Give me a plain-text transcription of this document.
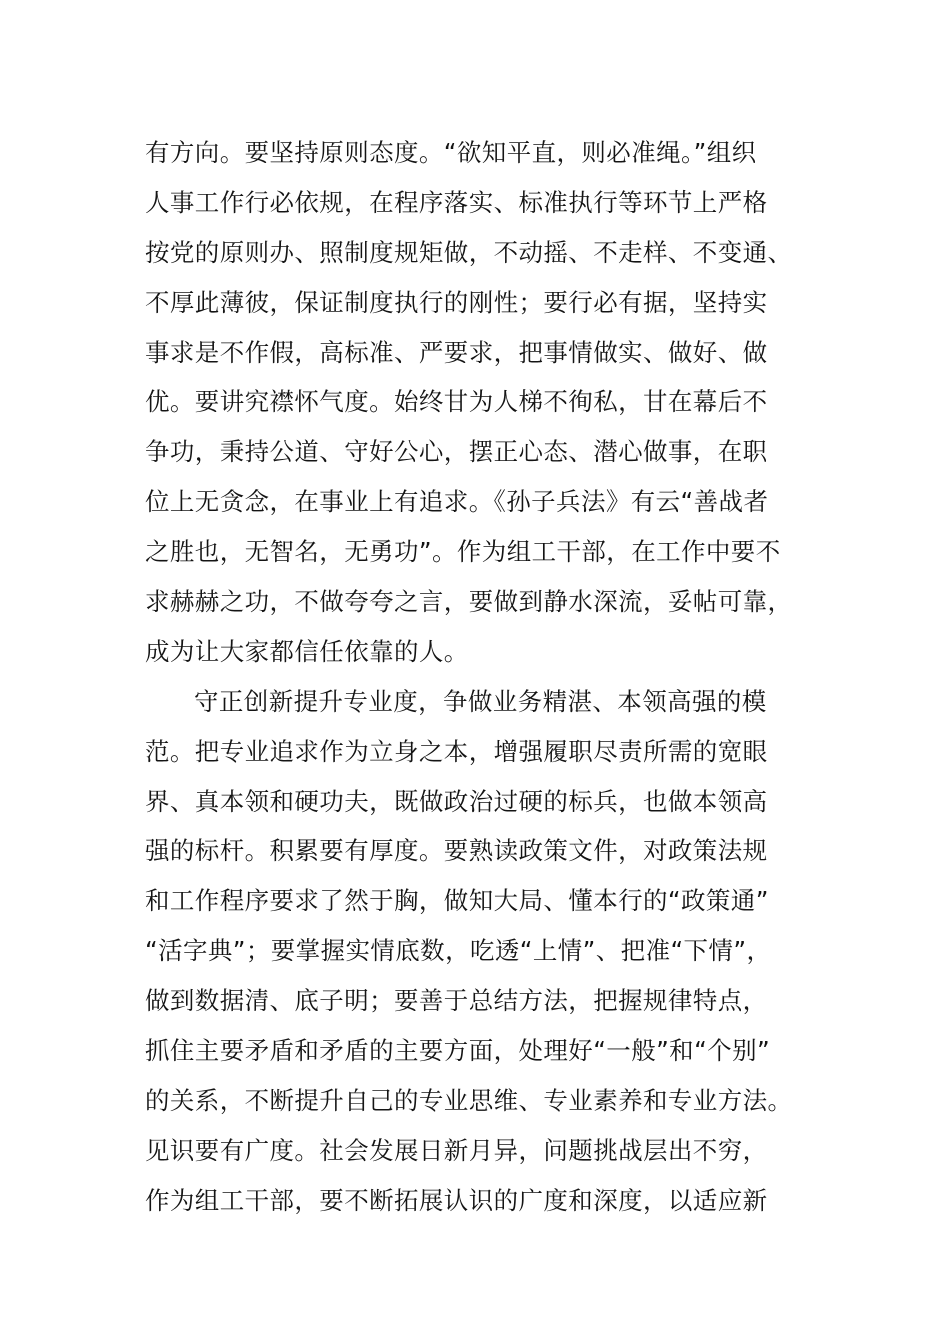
有方向。要坚持原则态度。“欲知平直，则必准绳。”组织
人事工作行必依规，在程序落实、标准执行等环节上严格
按党的原则办、照制度规矩做，不动摇、不走样、不变通、
不厚此薄彼，保证制度执行的刚性；要行必有据，坚持实
事求是不作假，高标准、严要求，把事情做实、做好、做
优。要讲究襟怀气度。始终甘为人梯不徇私，甘在幕后不
争功，秉持公道、守好公心，摆正心态、潜心做事，在职
位上无贪念，在事业上有追求。《孙子兵法》有云“善战者
之胜也，无智名，无勇功”。作为组工干部，在工作中要不
求赫赫之功，不做夸夸之言，要做到静水深流，妥帖可靠，
成为让大家都信任依靠的人。
守正创新提升专业度，争做业务精湛、本领高强的模
范。把专业追求作为立身之本，增强履职尽责所需的宽眼
界、真本领和硬功夫，既做政治过硬的标兵，也做本领高
强的标杆。积累要有厚度。要熟读政策文件，对政策法规
和工作程序要求了然于胸，做知大局、懂本行的“政策通”
“活字典”；要掌握实情底数，吃透“上情”、把准“下情”，
做到数据清、底子明；要善于总结方法，把握规律特点，
抓住主要矛盾和矛盾的主要方面，处理好“一般”和“个别”
的关系，不断提升自己的专业思维、专业素养和专业方法。
见识要有广度。社会发展日新月异，问题挑战层出不穷，
作为组工干部，要不断拓展认识的广度和深度，以适应新
